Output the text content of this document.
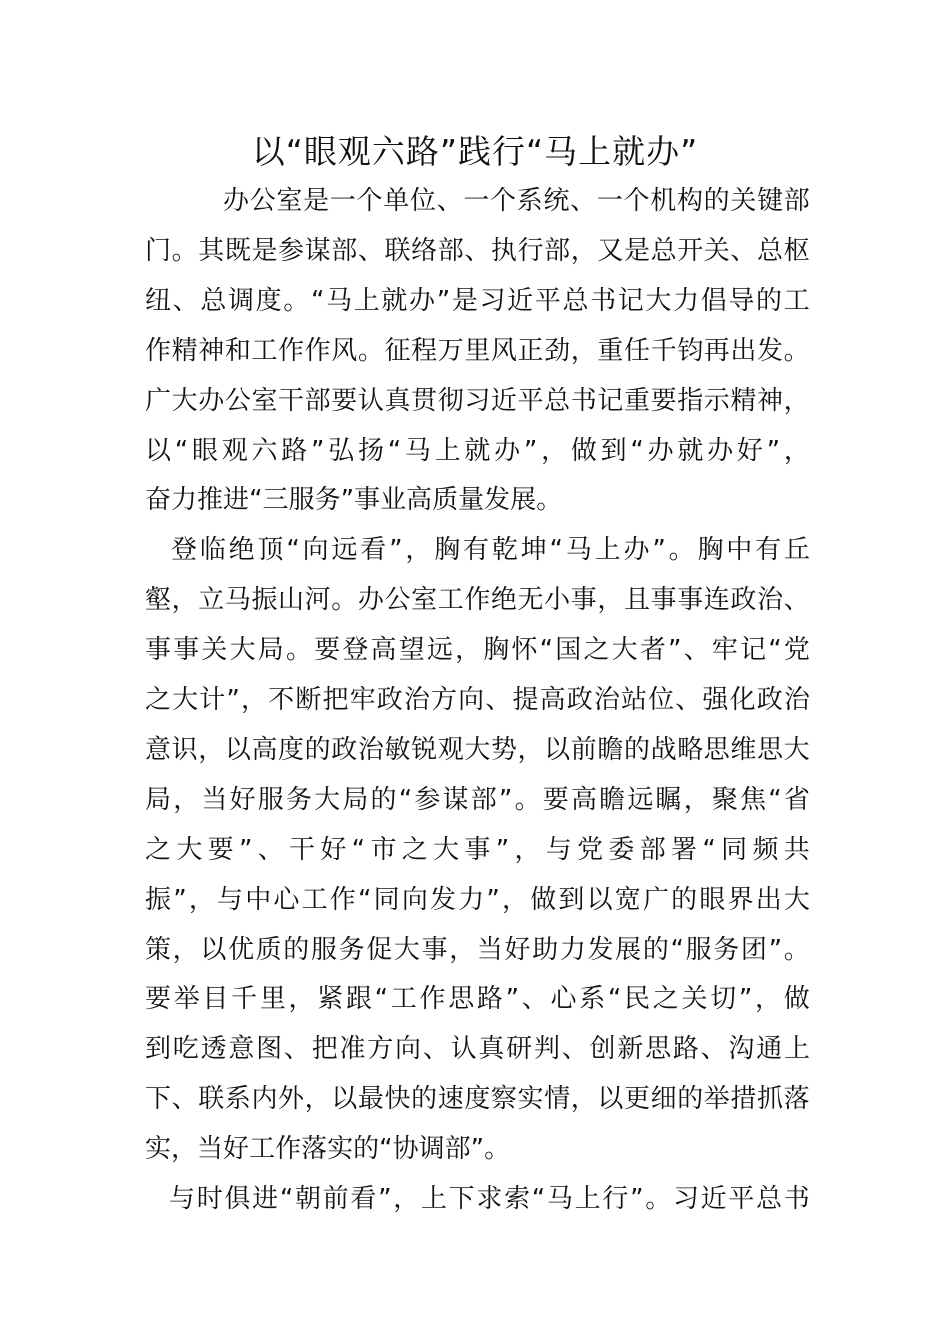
以“眼观六路”践行“马上就办”
办 公 室 是 一 个 单 位 、 一 个 系 统 、 一 个 机 构 的 关 键 部
门 。 其 既 是 参 谋 部 、 联 络 部 、 执 行 部 ， 又 是 总 开 关 、 总 枢
纽 、 总 调 度 。 “ 马 上 就 办 ” 是 习 近 平 总 书 记 大 力 倡 导 的 工
作 精 神 和 工 作 作 风 。 征 程 万 里 风 正 劲 ， 重 任 千 钧 再 出 发 。
广 大 办 公 室 干 部 要 认 真 贯 彻 习 近 平 总 书 记 重 要 指 示 精 神 ，
以 “ 眼 观 六 路 ” 弘 扬 “ 马 上 就 办 ” ， 做 到 “ 办 就 办 好 ” ，
奋 力 推 进 “ 三 服 务 ” 事 业 高 质 量 发 展 。
登 临 绝 顶 “ 向 远 看 ” ， 胸 有 乾 坤 “ 马 上 办 ” 。 胸 中 有 丘
壑 ， 立 马 振 山 河 。 办 公 室 工 作 绝 无 小 事 ， 且 事 事 连 政 治 、
事 事 关 大 局 。 要 登 高 望 远 ， 胸 怀 “ 国 之 大 者 ” 、 牢 记 “ 党
之 大 计 ” ， 不 断 把 牢 政 治 方 向 、 提 高 政 治 站 位 、 强 化 政 治
意 识 ， 以 高 度 的 政 治 敏 锐 观 大 势 ， 以 前 瞻 的 战 略 思 维 思 大
局 ， 当 好 服 务 大 局 的 “ 参 谋 部 ” 。 要 高 瞻 远 瞩 ， 聚 焦 “ 省
之 大 要 ” 、 干 好 “ 市 之 大 事 ” ， 与 党 委 部 署 “ 同 频 共
振 ” ， 与 中 心 工 作 “ 同 向 发 力 ” ， 做 到 以 宽 广 的 眼 界 出 大
策 ， 以 优 质 的 服 务 促 大 事 ， 当 好 助 力 发 展 的 “ 服 务 团 ” 。
要 举 目 千 里 ， 紧 跟 “ 工 作 思 路 ” 、 心 系 “ 民 之 关 切 ” ， 做
到 吃 透 意 图 、 把 准 方 向 、 认 真 研 判 、 创 新 思 路 、 沟 通 上
下 、 联 系 内 外 ， 以 最 快 的 速 度 察 实 情 ， 以 更 细 的 举 措 抓 落
实 ， 当 好 工 作 落 实 的 “ 协 调 部 ” 。
与 时 俱 进 “ 朝 前 看 ” ， 上 下 求 索 “ 马 上 行 ” 。 习 近 平 总 书
